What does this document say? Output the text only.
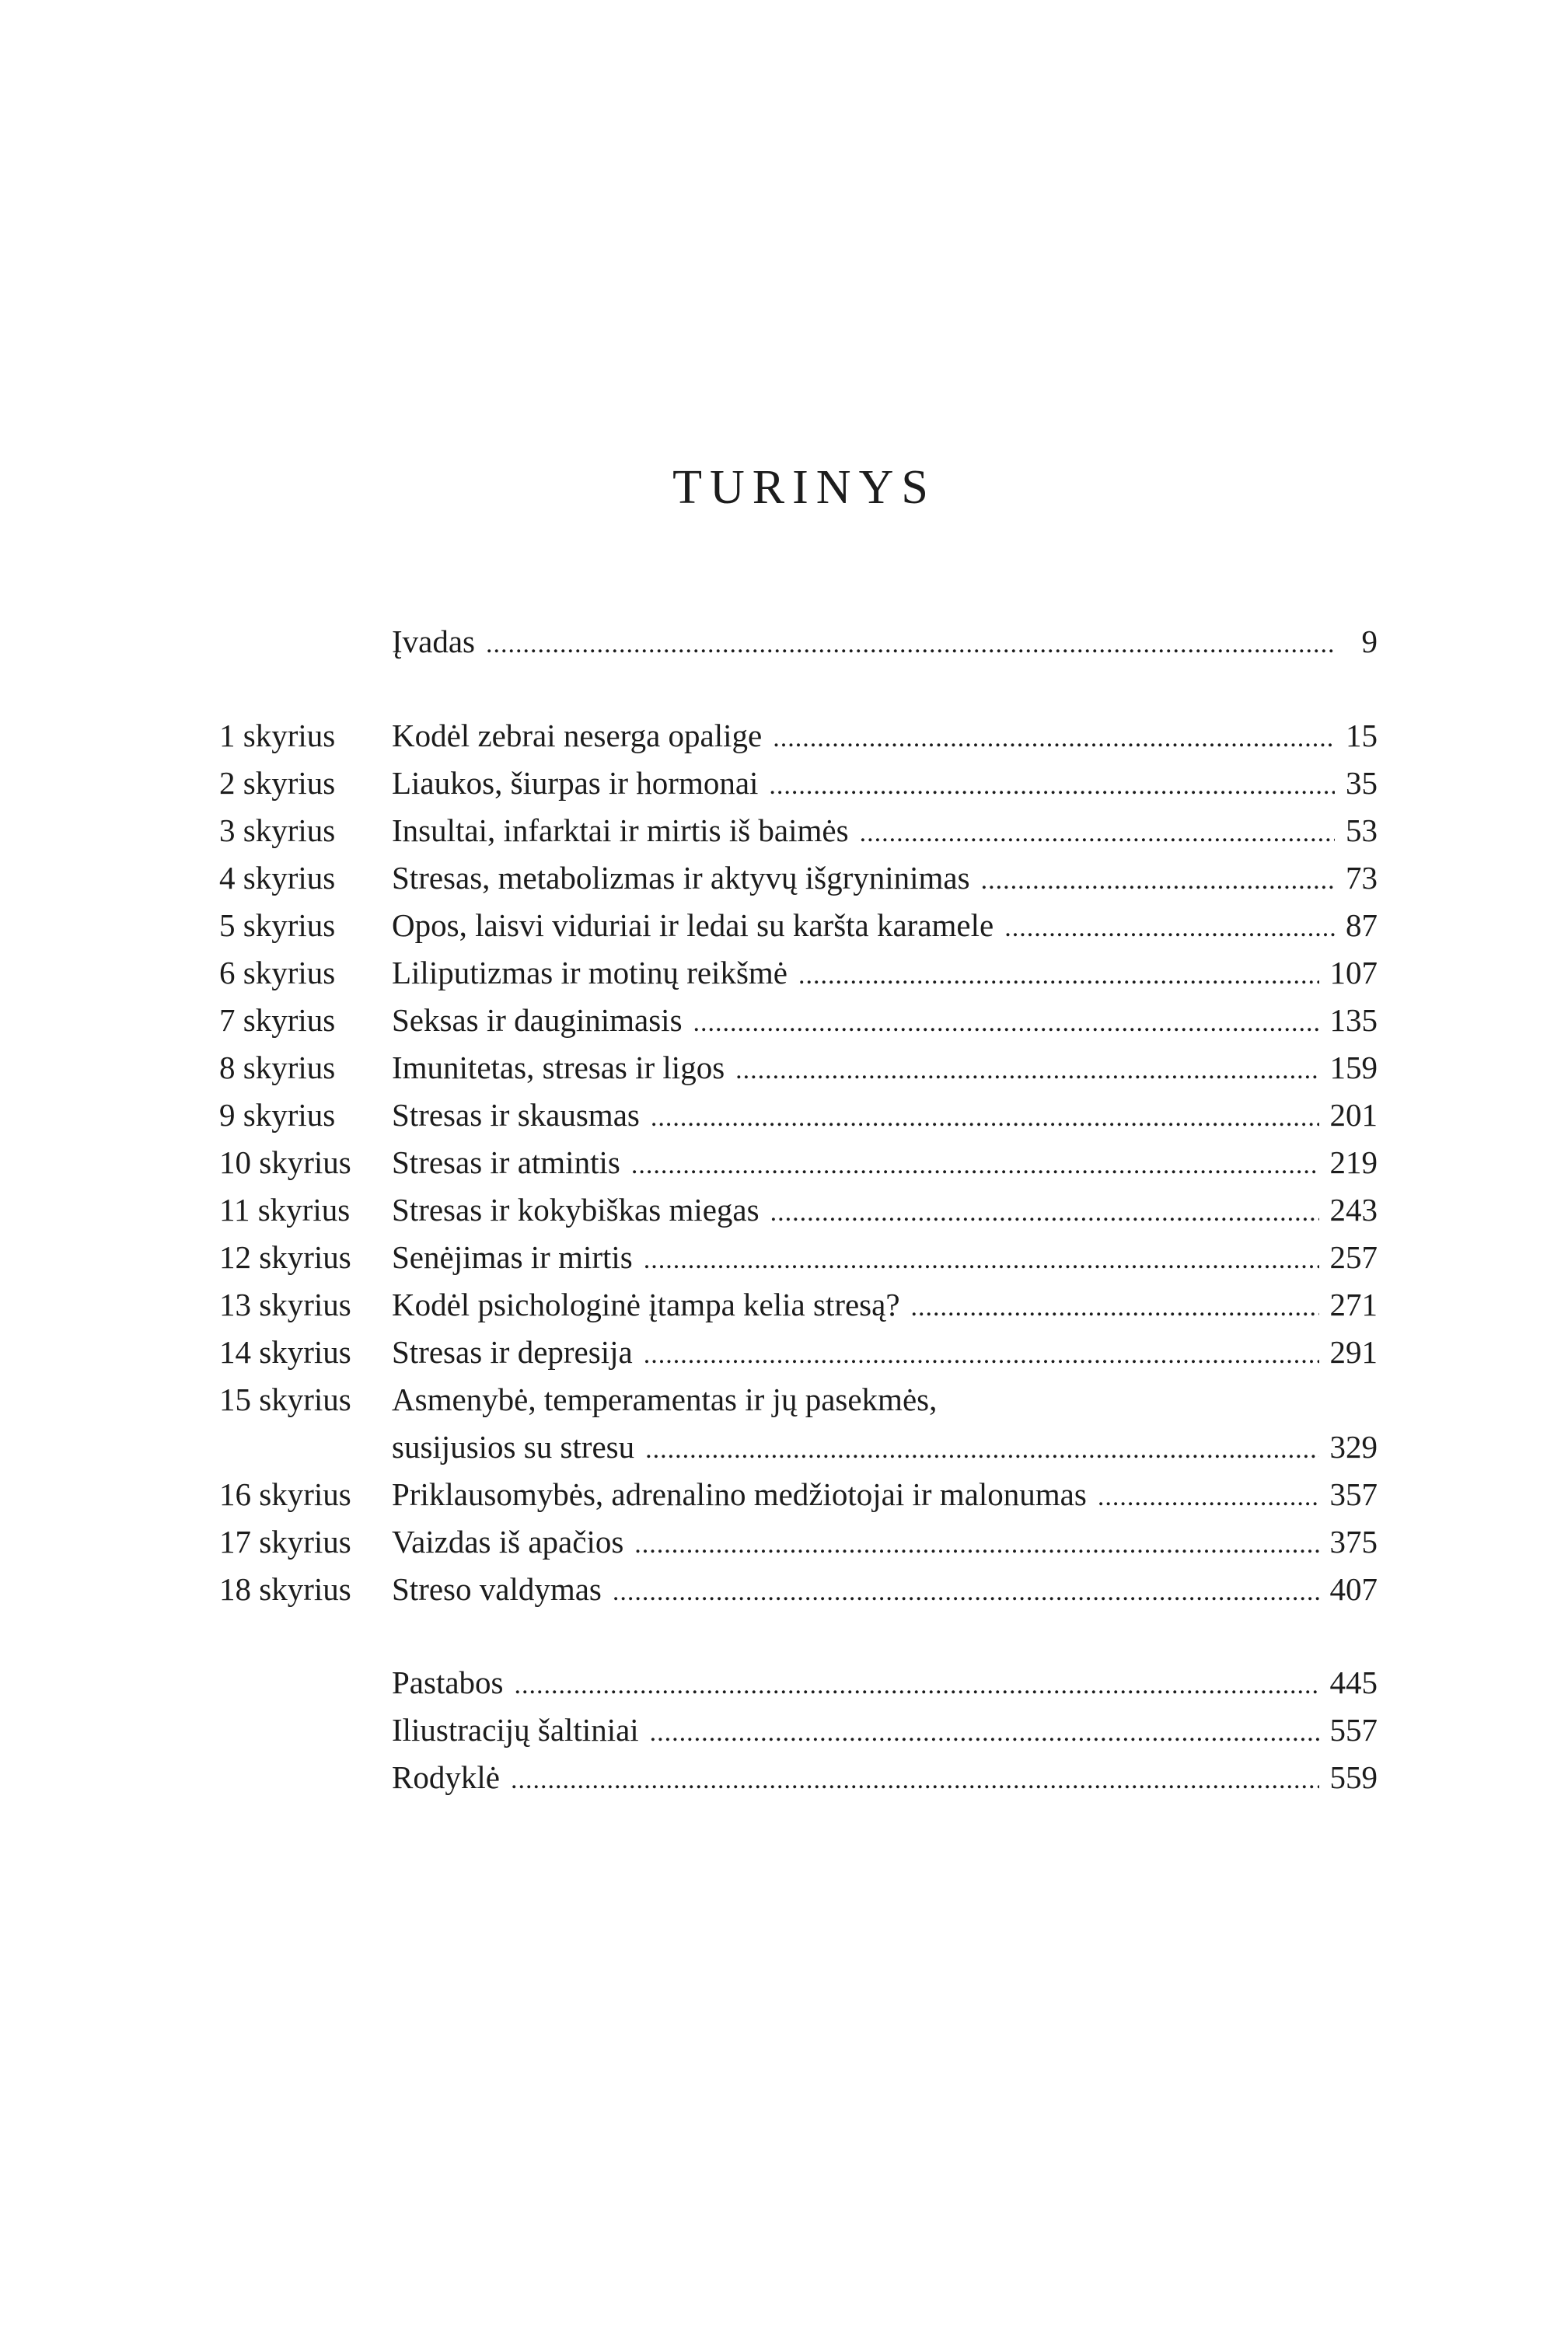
TURINYS
Įvadas .....	9
1 skyrius	Kodėl zebrai neserga opalige .....	15
2 skyrius	Liaukos, šiurpas ir hormonai .....	35
3 skyrius	Insultai, infarktai ir mirtis iš baimės .....	53
4 skyrius	Stresas, metabolizmas ir aktyvų išgryninimas .....	73
5 skyrius	Opos, laisvi viduriai ir ledai su karšta karamele .....	87
6 skyrius	Liliputizmas ir motinų reikšmė .....	107
7 skyrius	Seksas ir dauginimasis .....	135
8 skyrius	Imunitetas, stresas ir ligos .....	159
9 skyrius	Stresas ir skausmas .....	201
10 skyrius	Stresas ir atmintis .....	219
11 skyrius	Stresas ir kokybiškas miegas .....	243
12 skyrius	Senėjimas ir mirtis .....	257
13 skyrius	Kodėl psichologinė įtampa kelia stresą? .....	271
14 skyrius	Stresas ir depresija .....	291
15 skyrius	Asmenybė, temperamentas ir jų pasekmės,
susijusios su stresu .....	329
16 skyrius	Priklausomybės, adrenalino medžiotojai ir malonumas .....	357
17 skyrius	Vaizdas iš apačios .....	375
18 skyrius	Streso valdymas .....	407
Pastabos .....	445
Iliustracijų šaltiniai .....	557
Rodyklė .....	559
